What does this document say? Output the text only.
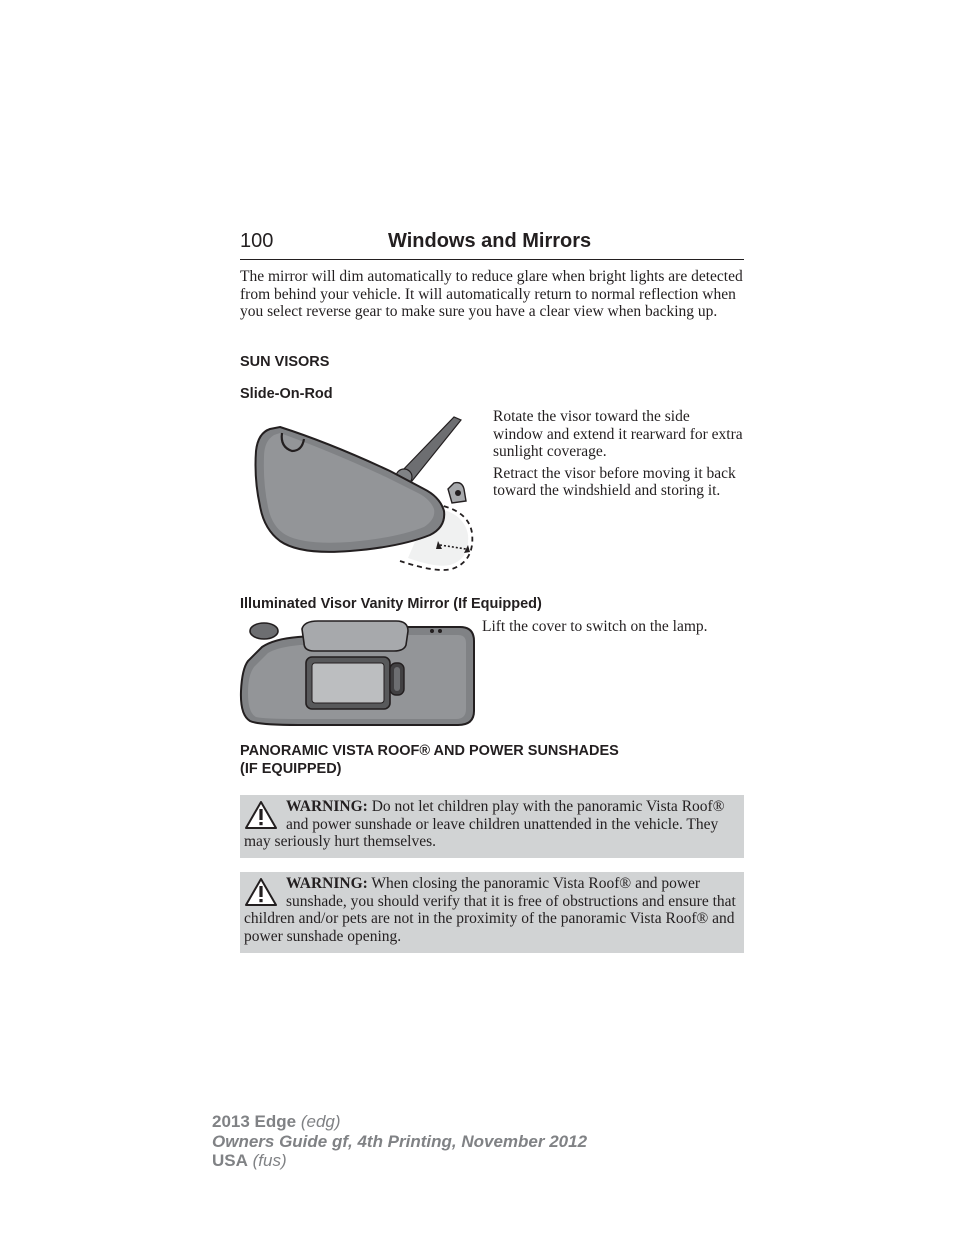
100	Windows and Mirrors

The mirror will dim automatically to reduce glare when bright lights are detected from behind your vehicle. It will automatically return to normal reflection when you select reverse gear to make sure you have a clear view when backing up.

SUN VISORS
Slide-On-Rod

Rotate the visor toward the side window and extend it rearward for extra sunlight coverage.

Retract the visor before moving it back toward the windshield and storing it.

Illuminated Visor Vanity Mirror (If Equipped)

Lift the cover to switch on the lamp.

PANORAMIC VISTA ROOF® AND POWER SUNSHADES
(IF EQUIPPED)

WARNING: Do not let children play with the panoramic Vista Roof® and power sunshade or leave children unattended in the vehicle. They may seriously hurt themselves.

WARNING: When closing the panoramic Vista Roof® and power sunshade, you should verify that it is free of obstructions and ensure that children and/or pets are not in the proximity of the panoramic Vista Roof® and power sunshade opening.

2013 Edge (edg)
Owners Guide gf, 4th Printing, November 2012
USA (fus)
